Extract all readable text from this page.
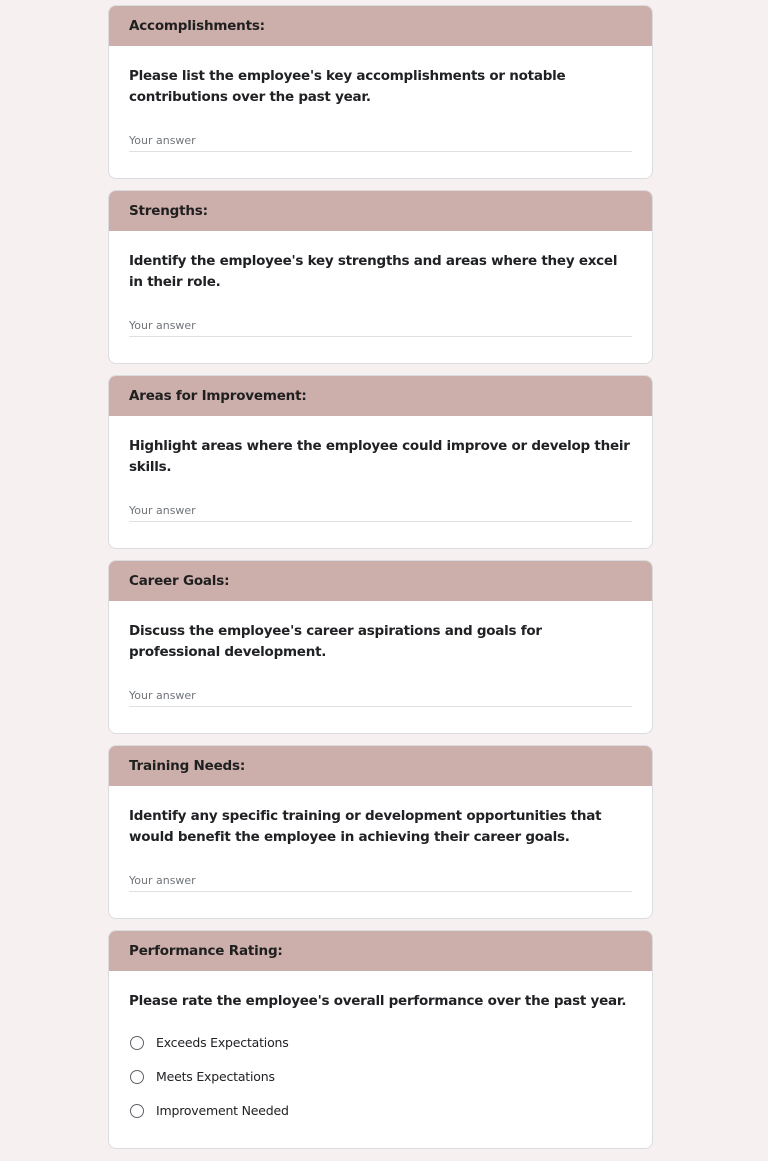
Accomplishments:

Please list the employee's key accomplishments or notable contributions over the past year.

Your answer
Strengths:

Identify the employee's key strengths and areas where they excel in their role.

Your answer
Areas for Improvement:

Highlight areas where the employee could improve or develop their skills.

Your answer
Career Goals:

Discuss the employee's career aspirations and goals for professional development.

Your answer
Training Needs:

Identify any specific training or development opportunities that would benefit the employee in achieving their career goals.

Your answer
Performance Rating:

Please rate the employee's overall performance over the past year.

Exceeds Expectations
Meets Expectations
Improvement Needed
